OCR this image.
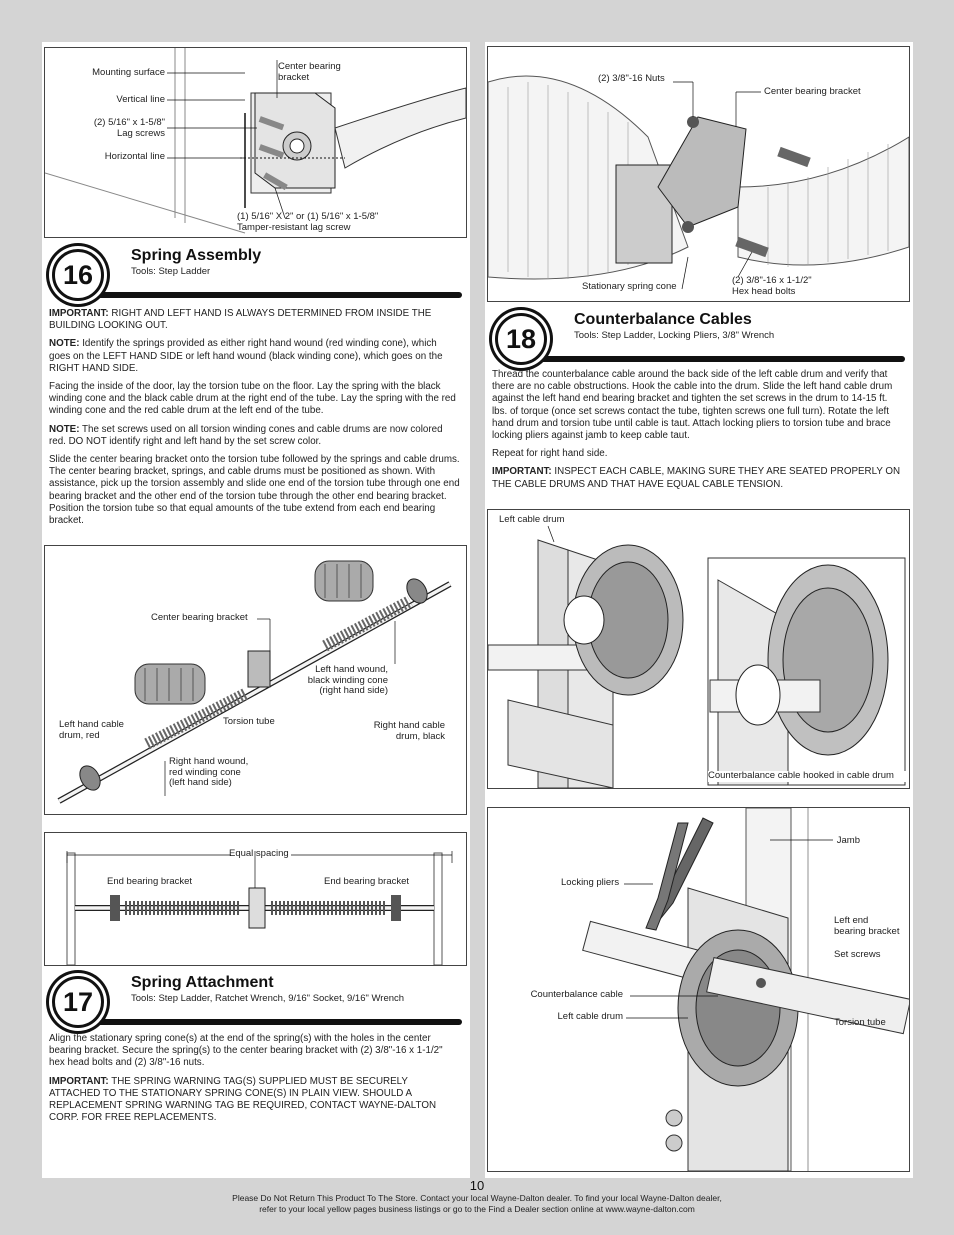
Mounting surface
Vertical line
(2) 5/16" x 1-5/8"
Lag screws
Horizontal line
Center bearing
bracket
(1) 5/16" X 2" or (1) 5/16" x 1-5/8"
Tamper-resistant lag screw
16
Spring Assembly
Tools: Step Ladder

IMPORTANT: RIGHT AND LEFT HAND IS ALWAYS DETERMINED FROM INSIDE THE BUILDING LOOKING OUT.

NOTE: Identify the springs provided as either right hand wound (red winding cone), which goes on the LEFT HAND SIDE or left hand wound (black winding cone), which goes on the RIGHT HAND SIDE.

Facing the inside of the door, lay the torsion tube on the floor. Lay the spring with the black winding cone and the black cable drum at the right end of the tube. Lay the spring with the red winding cone and the red cable drum at the left end of the tube.

NOTE: The set screws used on all torsion winding cones and cable drums are now colored red. DO NOT identify right and left hand by the set screw color.

Slide the center bearing bracket onto the torsion tube followed by the springs and cable drums. The center bearing bracket, springs, and cable drums must be positioned as shown. With assistance, pick up the torsion assembly and slide one end of the torsion tube through one end bearing bracket and the other end of the torsion tube through the other end bearing bracket. Position the torsion tube so that equal amounts of the tube extend from each end bearing bracket.

Center bearing bracket
Left hand wound,
black winding cone
(right hand side)
Torsion tube
Left hand cable
drum, red
Right hand cable
drum, black
Right hand wound,
red winding cone
(left hand side)
Equal spacing
End bearing bracket	End bearing bracket
17
Spring Attachment
Tools: Step Ladder, Ratchet Wrench, 9/16" Socket, 9/16" Wrench

Align the stationary spring cone(s) at the end of the spring(s) with the holes in the center bearing bracket. Secure the spring(s) to the center bearing bracket with (2) 3/8"-16 x 1-1/2" hex head bolts and (2) 3/8"-16 nuts.

IMPORTANT: THE SPRING WARNING TAG(S) SUPPLIED MUST BE SECURELY ATTACHED TO THE STATIONARY SPRING CONE(S) IN PLAIN VIEW. SHOULD A REPLACEMENT SPRING WARNING TAG BE REQUIRED, CONTACT WAYNE-DALTON CORP. FOR FREE REPLACEMENTS.

(2) 3/8"-16 Nuts
Center bearing bracket
Stationary spring cone
(2) 3/8"-16 x 1-1/2"
Hex head bolts
18
Counterbalance Cables
Tools: Step Ladder, Locking Pliers, 3/8" Wrench

Thread the counterbalance cable around the back side of the left cable drum and verify that there are no cable obstructions. Hook the cable into the drum. Slide the left hand cable drum against the left hand end bearing bracket and tighten the set screws in the drum to 14-15 ft. lbs. of torque (once set screws contact the tube, tighten screws one full turn). Rotate the left hand drum and torsion tube until cable is taut. Attach locking pliers to torsion tube and brace locking pliers against jamb to keep cable taut.

Repeat for right hand side.

IMPORTANT: INSPECT EACH CABLE, MAKING SURE THEY ARE SEATED PROPERLY ON THE CABLE DRUMS AND THAT HAVE EQUAL CABLE TENSION.

Left cable drum
Counterbalance cable hooked in cable drum
Jamb
Locking pliers
Left end
bearing bracket
Set screws
Counterbalance cable
Left cable drum
Torsion tube
10
Please Do Not Return This Product To The Store. Contact your local Wayne-Dalton dealer. To find your local Wayne-Dalton dealer,
refer to your local yellow pages business listings or go to the Find a Dealer section online at www.wayne-dalton.com
